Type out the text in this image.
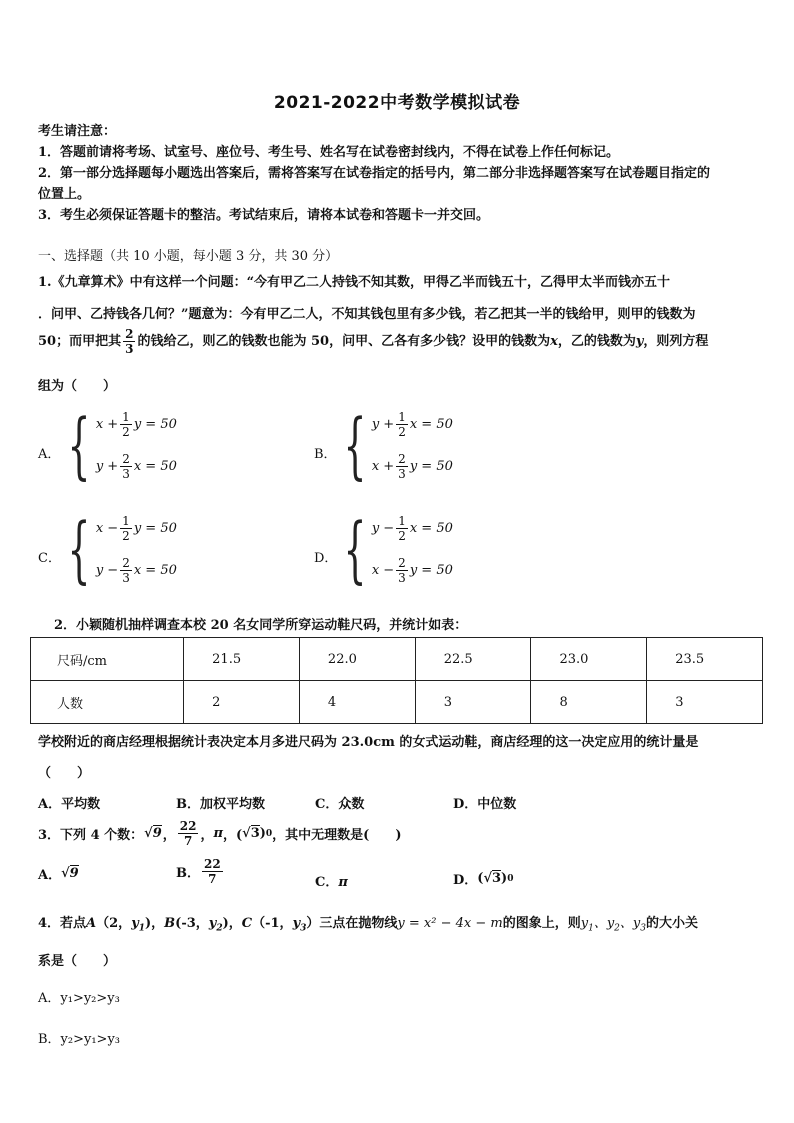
2021-2022中考数学模拟试卷
考生请注意：
1．答题前请将考场、试室号、座位号、考生号、姓名写在试卷密封线内，不得在试卷上作任何标记。
2．第一部分选择题每小题选出答案后，需将答案写在试卷指定的括号内，第二部分非选择题答案写在试卷题目指定的
位置上。
3．考生必须保证答题卡的整洁。考试结束后，请将本试卷和答题卡一并交回。
一、选择题（共 10 小题，每小题 3 分，共 30 分）
1.《九章算术》中有这样一个问题：“今有甲乙二人持钱不知其数，甲得乙半而钱五十，乙得甲太半而钱亦五十
．问甲、乙持钱各几何？”题意为：今有甲乙二人，不知其钱包里有多少钱，若乙把其一半的钱给甲，则甲的钱数为
50；而甲把其 $\frac{2}{3}$ 的钱给乙，则乙的钱数也能为 50，问甲、乙各有多少钱？设甲的钱数为x，乙的钱数为y，则列方程
组为（　　）
A． { $x + \frac{1}{2}$ y = 50
$y + \frac{2}{3}$ x = 50
B． { $y + \frac{1}{2}$ x = 50
$x + \frac{2}{3}$ y = 50
C． { $x - \frac{1}{2}$ y = 50
$y - \frac{2}{3}$ x = 50
D． { $y - \frac{1}{2}$ x = 50
$x - \frac{2}{3}$ y = 50
2．小颖随机抽样调查本校 20 名女同学所穿运动鞋尺码，并统计如表：
尺码/cm	21.5	22.0	22.5	23.0	23.5
人数	2	4	3	8	3
学校附近的商店经理根据统计表决定本月多进尺码为 23.0cm 的女式运动鞋，商店经理的这一决定应用的统计量是
（　　）
A．平均数	B．加权平均数	C．众数	D．中位数
3．下列 4 个数： √9 ， $\frac{22}{7}$ ， π ，( √3 ) 0 ，其中无理数是(　　)
A． √9	B． $\frac{22}{7}$	C．π	D． ( √3 ) 0
4．若点A（2，$y_1$)，B(-3，$y_2$)，C（-1，$y_3$）三点在抛物线y = x² − 4x − m的图象上，则$y_1$、$y_2$、$y_3$的大小关
系是（　　）
A．y₁>y₂>y₃
B．y₂>y₁>y₃
